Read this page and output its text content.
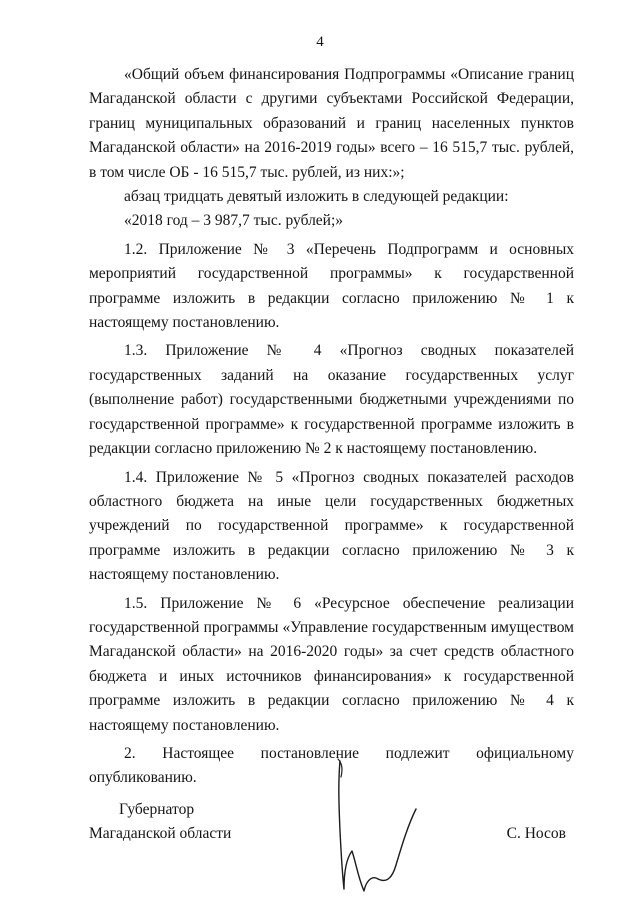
4

«Общий объем финансирования Подпрограммы «Описание границ Магаданской области с другими субъектами Российской Федерации, границ муниципальных образований и границ населенных пунктов Магаданской области» на 2016-2019 годы» всего – 16 515,7 тыс. рублей, в том числе ОБ - 16 515,7 тыс. рублей, из них:»;

абзац тридцать девятый изложить в следующей редакции:

«2018 год – 3 987,7 тыс. рублей;»

1.2. Приложение № 3 «Перечень Подпрограмм и основных мероприятий государственной программы» к государственной программе изложить в редакции согласно приложению № 1 к настоящему постановлению.

1.3. Приложение № 4 «Прогноз сводных показателей государственных заданий на оказание государственных услуг (выполнение работ) государственными бюджетными учреждениями по государственной программе» к государственной программе изложить в редакции согласно приложению № 2 к настоящему постановлению.

1.4. Приложение № 5 «Прогноз сводных показателей расходов областного бюджета на иные цели государственных бюджетных учреждений по государственной программе» к государственной программе изложить в редакции согласно приложению № 3 к настоящему постановлению.

1.5. Приложение № 6 «Ресурсное обеспечение реализации государственной программы «Управление государственным имуществом Магаданской области» на 2016-2020 годы» за счет средств областного бюджета и иных источников финансирования» к государственной программе изложить в редакции согласно приложению № 4 к настоящему постановлению.

2. Настоящее постановление подлежит официальному опубликованию.

Губернатор
Магаданской области	С. Носов
